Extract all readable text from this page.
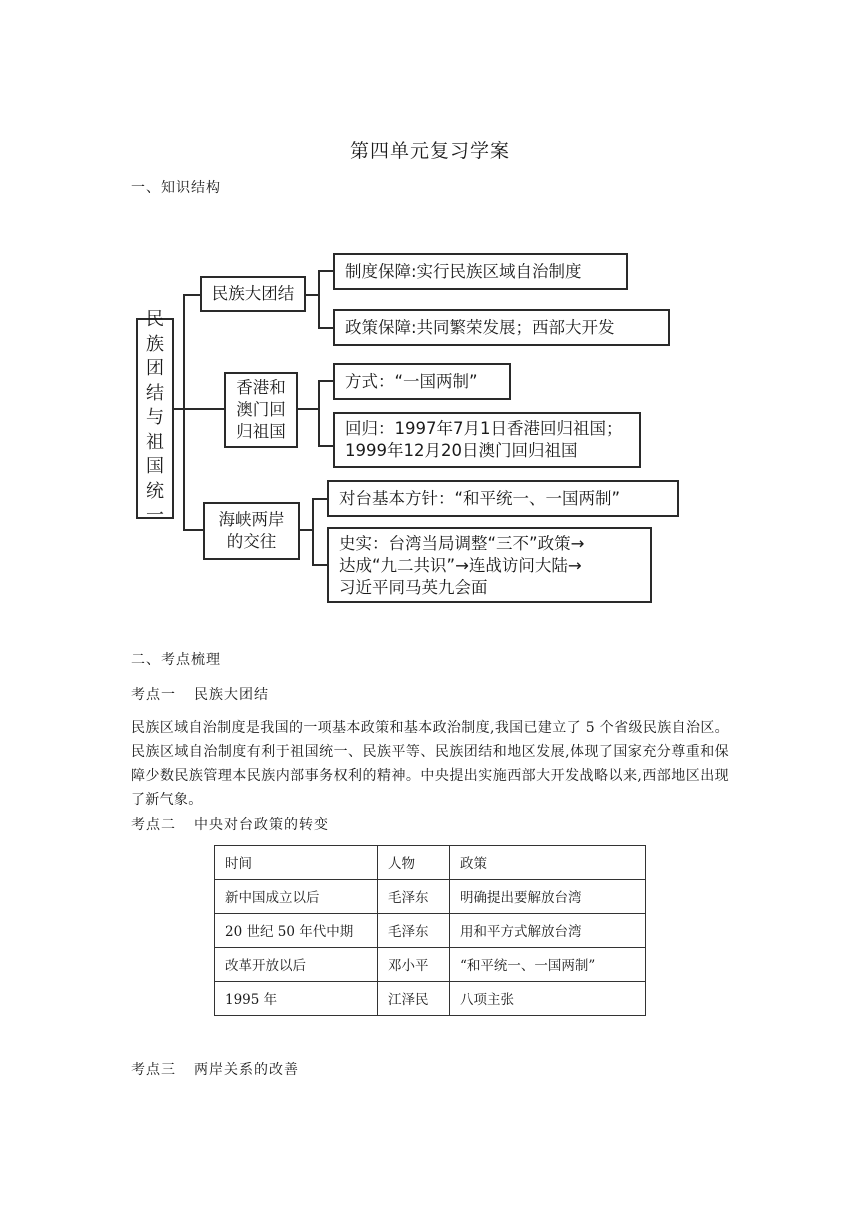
第四单元复习学案
一、知识结构
民
族
团
结
与
祖
国
统
一
民族大团结
制度保障:实行民族区域自治制度
政策保障:共同繁荣发展；西部大开发
香港和
澳门回
归祖国
方式：“一国两制”
回归：1997年7月1日香港回归祖国；
1999年12月20日澳门回归祖国
海峡两岸
的交往
对台基本方针：“和平统一、一国两制”
史实：台湾当局调整“三不”政策→
达成“九二共识”→连战访问大陆→
习近平同马英九会面
二、考点梳理
考点一 民族大团结
民族区域自治制度是我国的一项基本政策和基本政治制度,我国已建立了 5 个省级民族自治区。民族区域自治制度有利于祖国统一、民族平等、民族团结和地区发展,体现了国家充分尊重和保障少数民族管理本民族内部事务权利的精神。中央提出实施西部大开发战略以来,西部地区出现了新气象。
考点二 中央对台政策的转变
时间	人物	政策
新中国成立以后	毛泽东	明确提出要解放台湾
20 世纪 50 年代中期	毛泽东	用和平方式解放台湾
改革开放以后	邓小平	“和平统一、一国两制”
1995 年	江泽民	八项主张
考点三 两岸关系的改善
